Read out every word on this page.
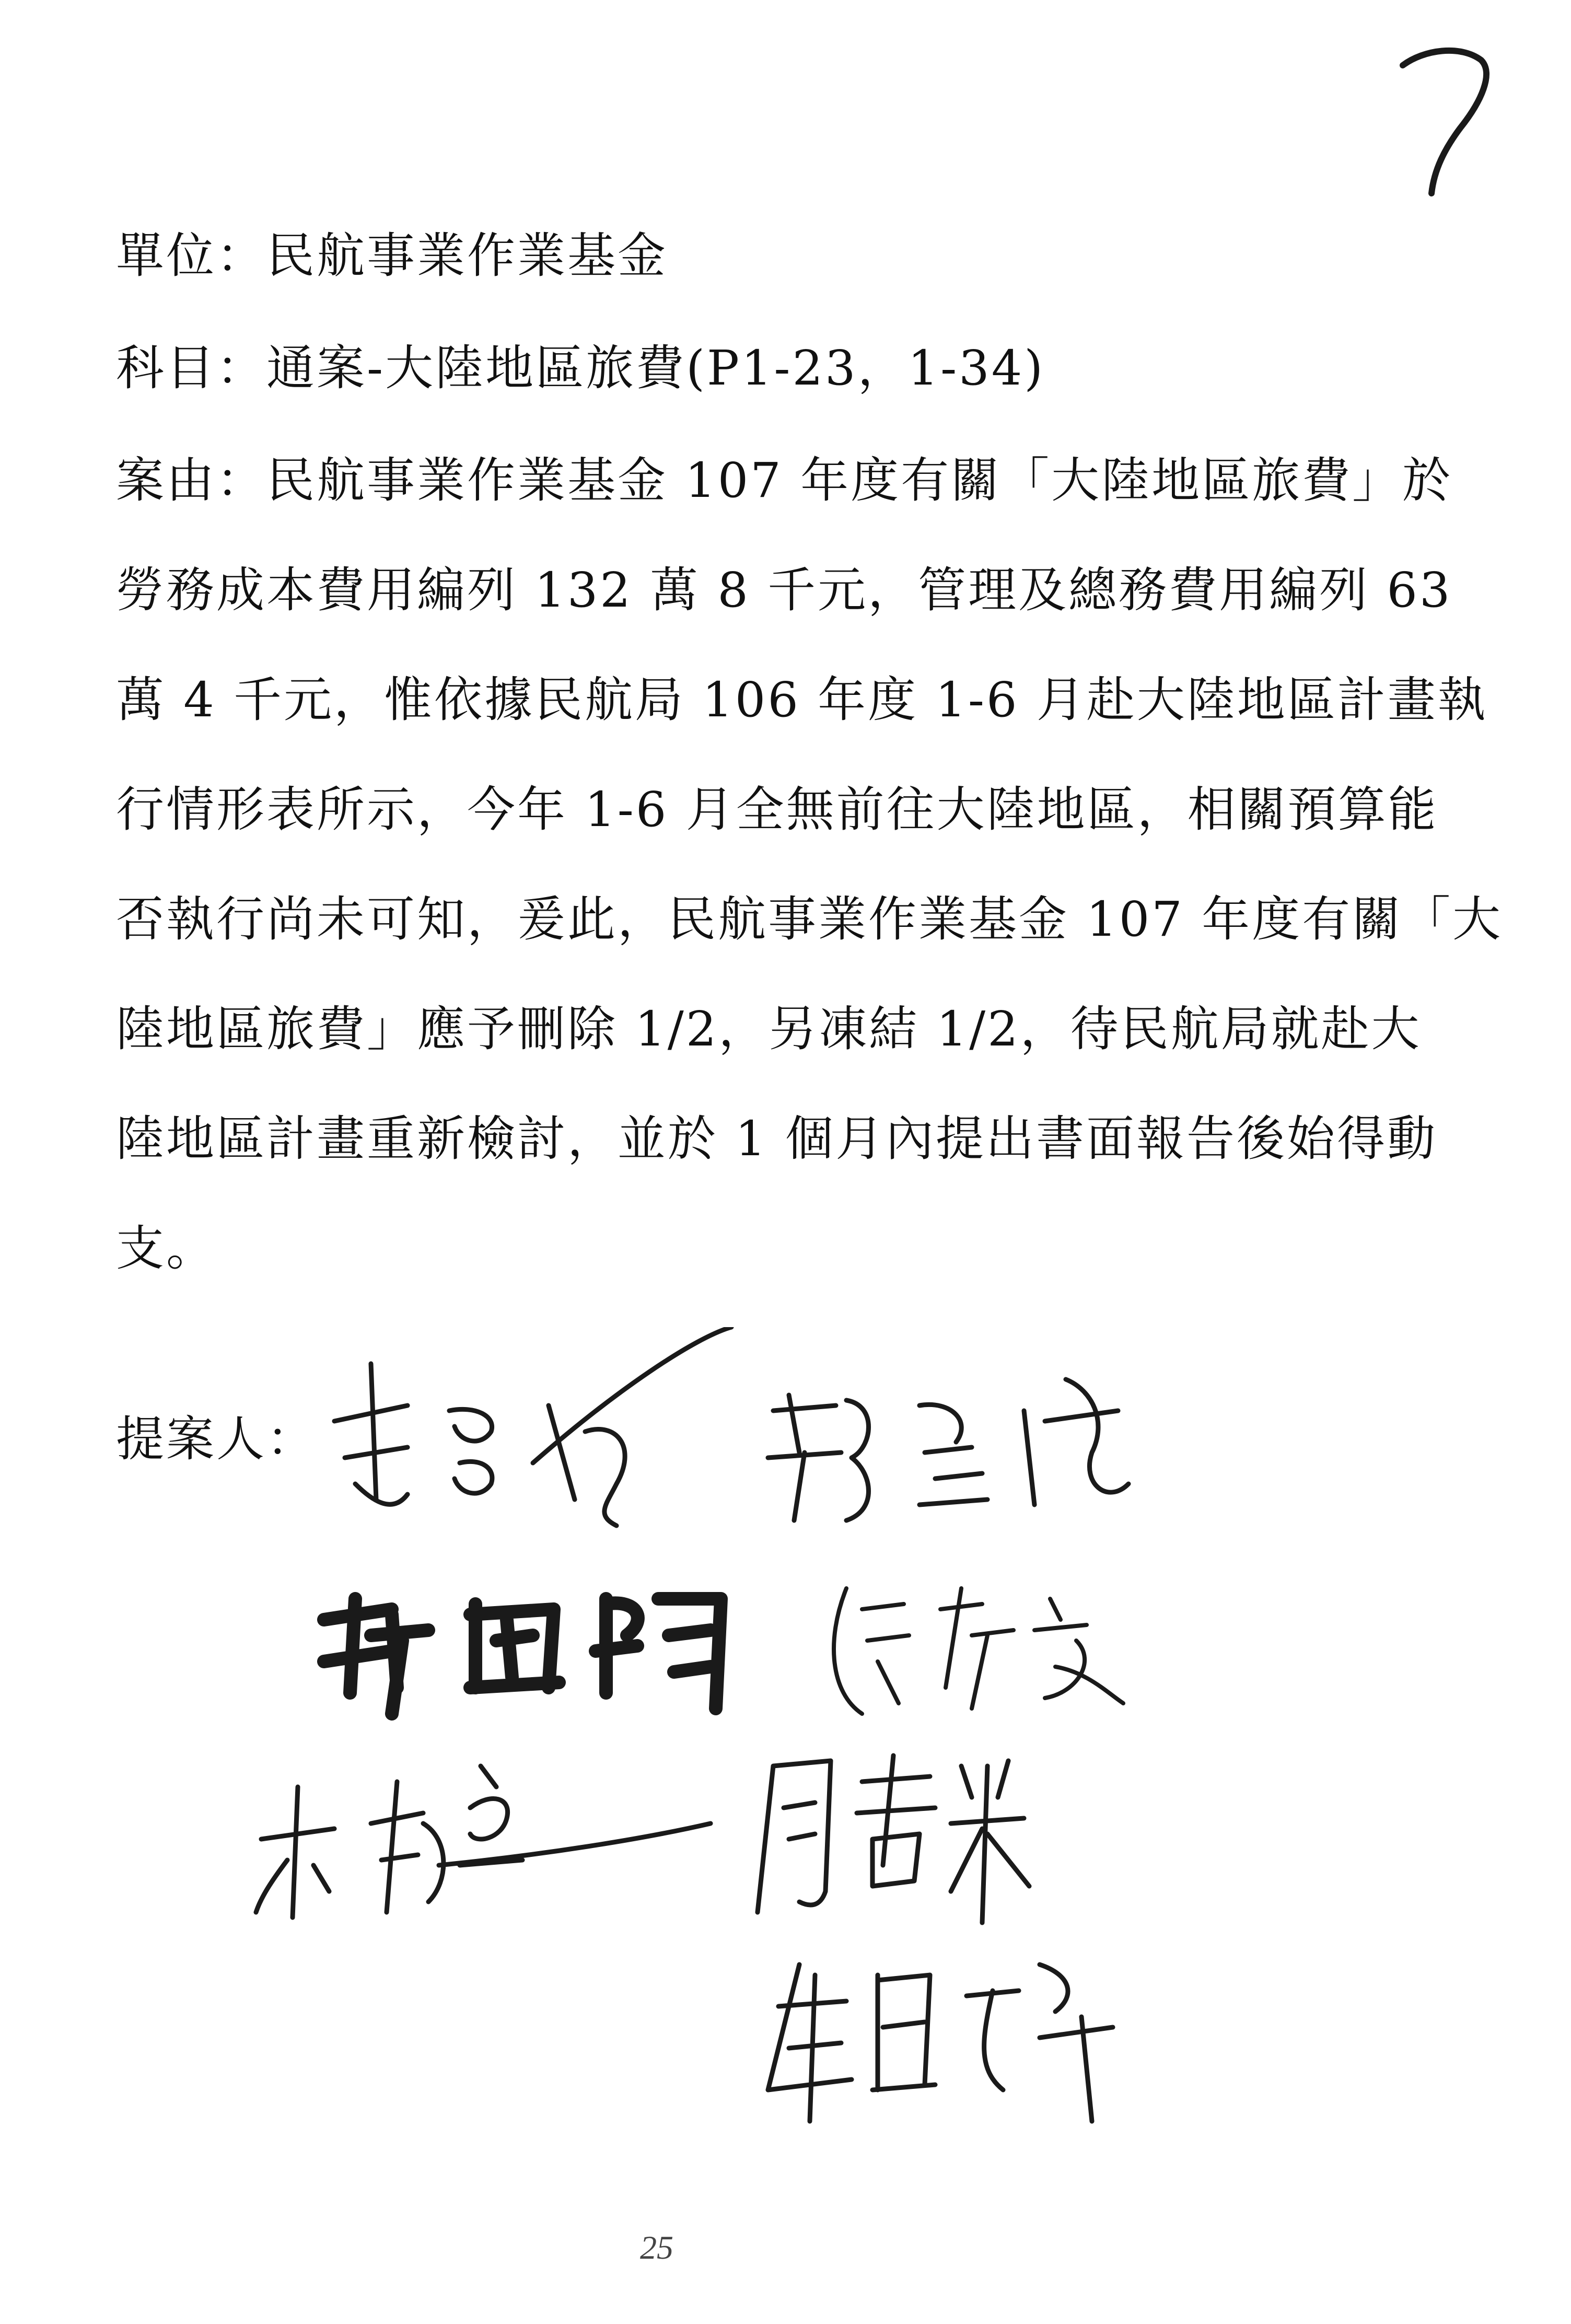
單位：民航事業作業基金
科目：通案-大陸地區旅費(P1-23，1-34)
案由：民航事業作業基金 107 年度有關「大陸地區旅費」於
勞務成本費用編列 132 萬 8 千元，管理及總務費用編列 63
萬 4 千元，惟依據民航局 106 年度 1-6 月赴大陸地區計畫執
行情形表所示，今年 1-6 月全無前往大陸地區，相關預算能
否執行尚未可知，爰此，民航事業作業基金 107 年度有關「大
陸地區旅費」應予刪除 1/2，另凍結 1/2，待民航局就赴大
陸地區計畫重新檢討，並於 1 個月內提出書面報告後始得動
支。
提案人：
25
